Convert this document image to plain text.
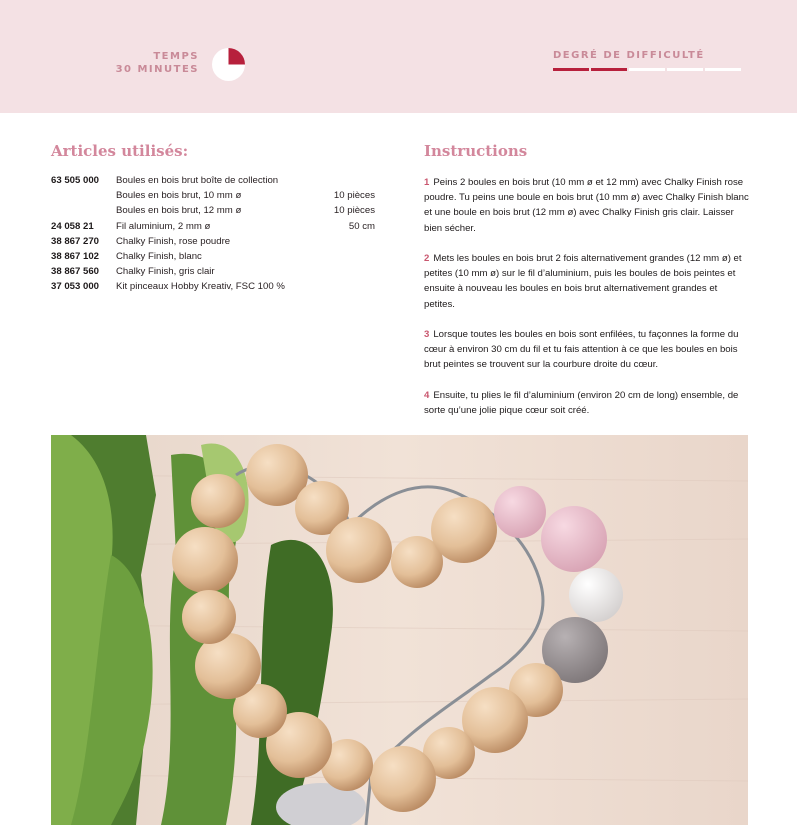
TEMPS
30 MINUTES
DEGRÉ DE DIFFICULTÉ
Articles utilisés:
63 505 000	Boules en bois brut boîte de collection	
	Boules en bois brut, 10 mm ø	10 pièces
	Boules en bois brut, 12 mm ø	10 pièces
24 058 21	Fil aluminium, 2 mm ø	50 cm
38 867 270	Chalky Finish, rose poudre	
38 867 102	Chalky Finish, blanc	
38 867 560	Chalky Finish, gris clair	
37 053 000	Kit pinceaux Hobby Kreativ, FSC 100 %	
Instructions

1 Peins 2 boules en bois brut (10 mm ø et 12 mm) avec Chalky Finish rose poudre. Tu peins une boule en bois brut (10 mm ø) avec Chalky Finish blanc et une boule en bois brut (12 mm ø) avec Chalky Finish gris clair. Laisser bien sécher.

2 Mets les boules en bois brut 2 fois alternativement grandes (12 mm ø) et petites (10 mm ø) sur le fil d’aluminium, puis les boules de bois peintes et ensuite à nouveau les boules en bois brut alternativement grandes et petites.

3 Lorsque toutes les boules en bois sont enfilées, tu façonnes la forme du cœur à environ 30 cm du fil et tu fais attention à ce que les boules en bois brut peintes se trouvent sur la courbure droite du cœur.

4 Ensuite, tu plies le fil d’aluminium (environ 20 cm de long) ensemble, de sorte qu’une jolie pique cœur soit créé.
